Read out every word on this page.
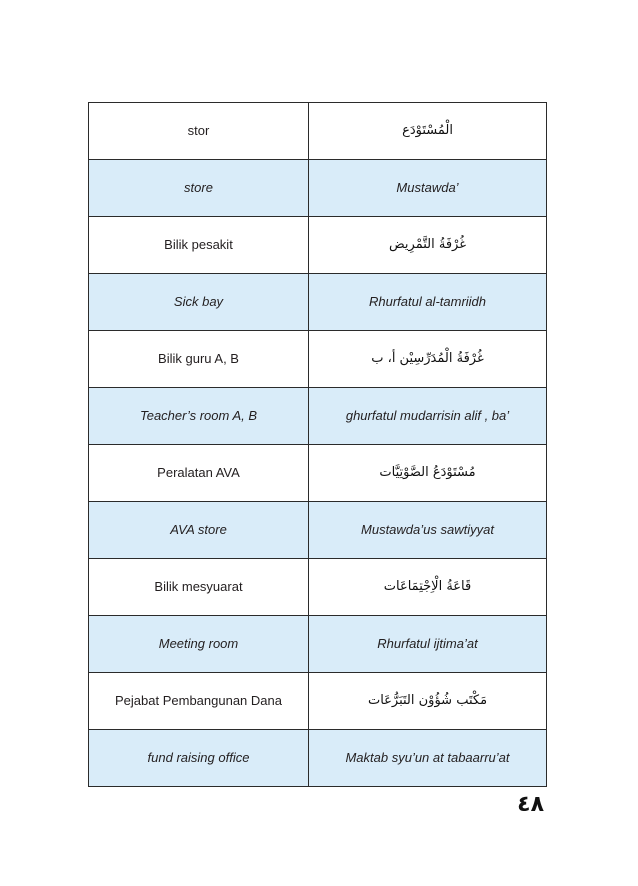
stor	الْمُسْتَوْدَع
store	Mustawda’
Bilik pesakit	غُرْفَةُ التَّمْرِيض
Sick bay	Rhurfatul al-tamriidh
Bilik guru A, B	غُرْفَةُ الْمُدَرِّسِيْن أ، ب
Teacher’s room A, B	ghurfatul mudarrisin alif , ba’
Peralatan AVA	مُسْتَوْدَعُ الصَّوْتِيَّات
AVA store	Mustawda’us sawtiyyat
Bilik mesyuarat	قَاعَةُ الْاِجْتِمَاعَات
Meeting room	Rhurfatul ijtima’at
Pejabat Pembangunan Dana	مَكْتَب شُؤُوْن التَبَرُّعَات
fund raising office	Maktab syu’un at tabaarru’at
٤٨
